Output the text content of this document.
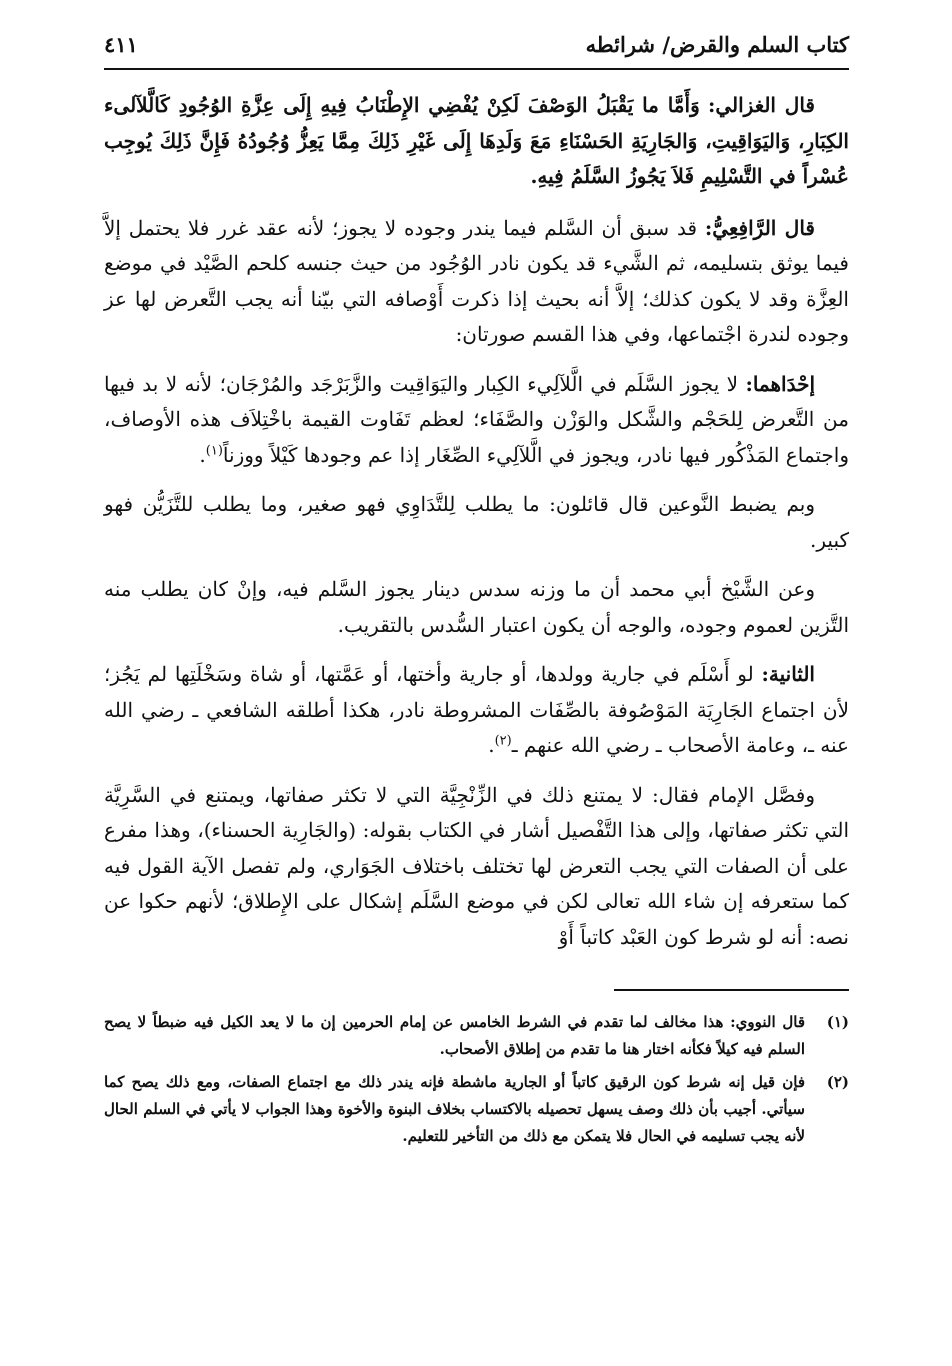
كتاب السلم والقرض/ شرائطه
٤١١

قال الغزالي: وَأَمَّا ما يَقْبَلُ الوَصْفَ لَكِنْ يُفْضِي الإِطْنَابُ فِيهِ إِلَى عِزَّةِ الوُجُودِ كَالَّلآلىء الكِبَارِ، وَاليَوَاقِيتِ، وَالجَارِيَةِ الحَسْنَاءِ مَعَ وَلَدِهَا إِلَى غَيْرِ ذَلِكَ مِمَّا يَعِزُّ وُجُودُهُ فَإِنَّ ذَلِكَ يُوجِب عُسْراً في التَّسْلِيمِ فَلاَ يَجُوزُ السَّلَمُ فِيهِ.

قال الرَّافِعِيُّ: قد سبق أن السَّلم فيما يندر وجوده لا يجوز؛ لأنه عقد غرر فلا يحتمل إلاَّ فيما يوثق بتسليمه، ثم الشَّيء قد يكون نادر الوُجُود من حيث جنسه كلحم الصَّيْد في موضع العِزَّة وقد لا يكون كذلك؛ إلاَّ أنه بحيث إذا ذكرت أَوْصافه التي بيّنا أنه يجب التَّعرض لها عز وجوده لندرة اجْتماعها، وفي هذا القسم صورتان:

إحْدَاهما: لا يجوز السَّلَم في الَّلآلِيء الكِبار واليَوَاقِيت والزَّبَرْجَد والمُرْجَان؛ لأنه لا بد فيها من التَّعرض لِلحَجْم والشَّكل والوَزْن والصَّفَاء؛ لعظم تَفَاوت القيمة باخْتِلاَف هذه الأوصاف، واجتماع المَذْكُور فيها نادر، ويجوز في الَّلآلِيء الصِّغَار إذا عم وجودها كَيْلاً ووزناً$^{(١)}$.

وبم يضبط النَّوعين قال قائلون: ما يطلب لِلتَّدَاوِي فهو صغير، وما يطلب للتَّزَيُّن فهو كبير.

وعن الشَّيْخ أبي محمد أن ما وزنه سدس دينار يجوز السَّلم فيه، وإنْ كان يطلب منه التَّزين لعموم وجوده، والوجه أن يكون اعتبار السُّدس بالتقريب.

الثانية: لو أَسْلَم في جارية وولدها، أو جارية وأختها، أو عَمَّتها، أو شاة وسَخْلَتِها لم يَجُز؛ لأن اجتماع الجَارِيَة المَوْصُوفة بالصِّفَات المشروطة نادر، هكذا أطلقه الشافعي ـ رضي الله عنه ـ، وعامة الأصحاب ـ رضي الله عنهم ـ$^{(٢)}$.

وفصَّل الإمام فقال: لا يمتنع ذلك في الزِّنْجِيَّة التي لا تكثر صفاتها، ويمتنع في السَّرِيَّة التي تكثر صفاتها، وإلى هذا التَّفْصيل أشار في الكتاب بقوله: (والجَارِية الحسناء)، وهذا مفرع على أن الصفات التي يجب التعرض لها تختلف باختلاف الجَوَاري، ولم تفصل الآية القول فيه كما ستعرفه إن شاء الله تعالى لكن في موضع السَّلَم إشكال على الإِطلاق؛ لأنهم حكوا عن نصه: أنه لو شرط كون العَبْد كاتباً أَوْ

(١)
قال النووي: هذا مخالف لما تقدم في الشرط الخامس عن إمام الحرمين إن ما لا يعد الكيل فيه ضبطاً لا يصح السلم فيه كيلاً فكأنه اختار هنا ما تقدم من إطلاق الأصحاب.
(٢)
فإن قيل إنه شرط كون الرقيق كاتباً أو الجارية ماشطة فإنه يندر ذلك مع اجتماع الصفات، ومع ذلك يصح كما سيأتي. أجيب بأن ذلك وصف يسهل تحصيله بالاكتساب بخلاف البنوة والأخوة وهذا الجواب لا يأتي في السلم الحال لأنه يجب تسليمه في الحال فلا يتمكن مع ذلك من التأخير للتعليم.
